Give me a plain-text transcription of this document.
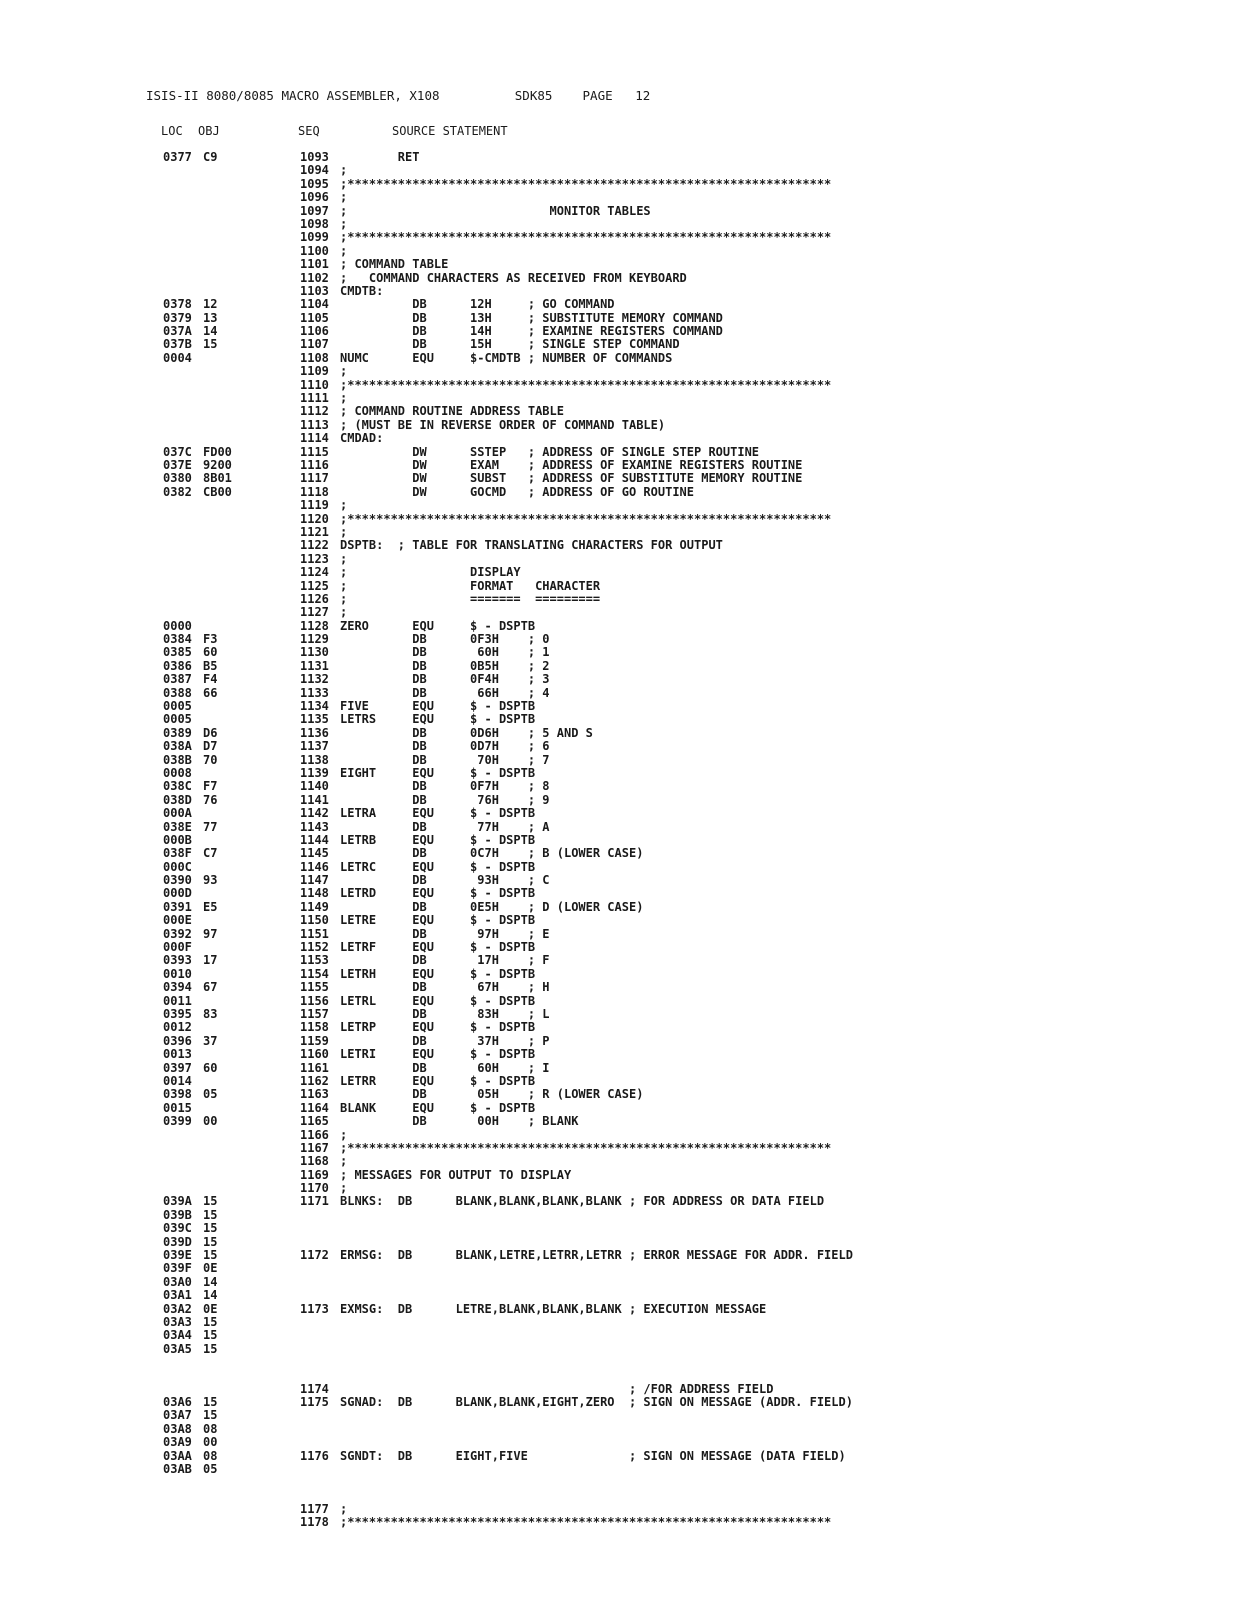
ISIS-II 8080/8085 MACRO ASSEMBLER, X108	SDK85 PAGE 12
LOC OBJ	SEQ	SOURCE STATEMENT
0377 C9	1093 RET
1094 ;
1095 ;*******************************************************************
1096 ;
1097 ;                            MONITOR TABLES
1098 ;
1099 ;*******************************************************************
1100 ;
1101 ; COMMAND TABLE
1102 ;   COMMAND CHARACTERS AS RECEIVED FROM KEYBOARD
1103 CMDTB:
0378 12	1104 DB      12H     ; GO COMMAND
0379 13	1105 DB      13H     ; SUBSTITUTE MEMORY COMMAND
037A 14	1106 DB      14H     ; EXAMINE REGISTERS COMMAND
037B 15	1107 DB      15H     ; SINGLE STEP COMMAND
0004	1108 NUMC      EQU     $-CMDTB ; NUMBER OF COMMANDS
1109 ;
1110 ;*******************************************************************
1111 ;
1112 ; COMMAND ROUTINE ADDRESS TABLE
1113 ; (MUST BE IN REVERSE ORDER OF COMMAND TABLE)
1114 CMDAD:
037C FD00	1115 DW      SSTEP   ; ADDRESS OF SINGLE STEP ROUTINE
037E 9200	1116 DW      EXAM    ; ADDRESS OF EXAMINE REGISTERS ROUTINE
0380 8B01	1117 DW      SUBST   ; ADDRESS OF SUBSTITUTE MEMORY ROUTINE
0382 CB00	1118 DW      GOCMD   ; ADDRESS OF GO ROUTINE
1119 ;
1120 ;*******************************************************************
1121 ;
1122 DSPTB:  ; TABLE FOR TRANSLATING CHARACTERS FOR OUTPUT
1123 ;
1124 ;                 DISPLAY
1125 ;                 FORMAT   CHARACTER
1126 ;                 =======  =========
1127 ;
0000	1128 ZERO      EQU     $ - DSPTB
0384 F3	1129 DB      0F3H    ; 0
0385 60	1130 DB       60H    ; 1
0386 B5	1131 DB      0B5H    ; 2
0387 F4	1132 DB      0F4H    ; 3
0388 66	1133 DB       66H    ; 4
0005	1134 FIVE      EQU     $ - DSPTB
0005	1135 LETRS     EQU     $ - DSPTB
0389 D6	1136 DB      0D6H    ; 5 AND S
038A D7	1137 DB      0D7H    ; 6
038B 70	1138 DB       70H    ; 7
0008	1139 EIGHT     EQU     $ - DSPTB
038C F7	1140 DB      0F7H    ; 8
038D 76	1141 DB       76H    ; 9
000A	1142 LETRA     EQU     $ - DSPTB
038E 77	1143 DB       77H    ; A
000B	1144 LETRB     EQU     $ - DSPTB
038F C7	1145 DB      0C7H    ; B (LOWER CASE)
000C	1146 LETRC     EQU     $ - DSPTB
0390 93	1147 DB       93H    ; C
000D	1148 LETRD     EQU     $ - DSPTB
0391 E5	1149 DB      0E5H    ; D (LOWER CASE)
000E	1150 LETRE     EQU     $ - DSPTB
0392 97	1151 DB       97H    ; E
000F	1152 LETRF     EQU     $ - DSPTB
0393 17	1153 DB       17H    ; F
0010	1154 LETRH     EQU     $ - DSPTB
0394 67	1155 DB       67H    ; H
0011	1156 LETRL     EQU     $ - DSPTB
0395 83	1157 DB       83H    ; L
0012	1158 LETRP     EQU     $ - DSPTB
0396 37	1159 DB       37H    ; P
0013	1160 LETRI     EQU     $ - DSPTB
0397 60	1161 DB       60H    ; I
0014	1162 LETRR     EQU     $ - DSPTB
0398 05	1163 DB       05H    ; R (LOWER CASE)
0015	1164 BLANK     EQU     $ - DSPTB
0399 00	1165 DB       00H    ; BLANK
1166 ;
1167 ;*******************************************************************
1168 ;
1169 ; MESSAGES FOR OUTPUT TO DISPLAY
1170 ;
039A 15	1171 BLNKS:  DB      BLANK,BLANK,BLANK,BLANK ; FOR ADDRESS OR DATA FIELD
039B 15
039C 15
039D 15
039E 15	1172 ERMSG:  DB      BLANK,LETRE,LETRR,LETRR ; ERROR MESSAGE FOR ADDR. FIELD
039F 0E
03A0 14
03A1 14
03A2 0E	1173 EXMSG:  DB      LETRE,BLANK,BLANK,BLANK ; EXECUTION MESSAGE
03A3 15
03A4 15
03A5 15
1174 ; /FOR ADDRESS FIELD
03A6 15	1175 SGNAD:  DB      BLANK,BLANK,EIGHT,ZERO  ; SIGN ON MESSAGE (ADDR. FIELD)
03A7 15
03A8 08
03A9 00
03AA 08	1176 SGNDT:  DB      EIGHT,FIVE              ; SIGN ON MESSAGE (DATA FIELD)
03AB 05
1177 ;
1178 ;*******************************************************************
